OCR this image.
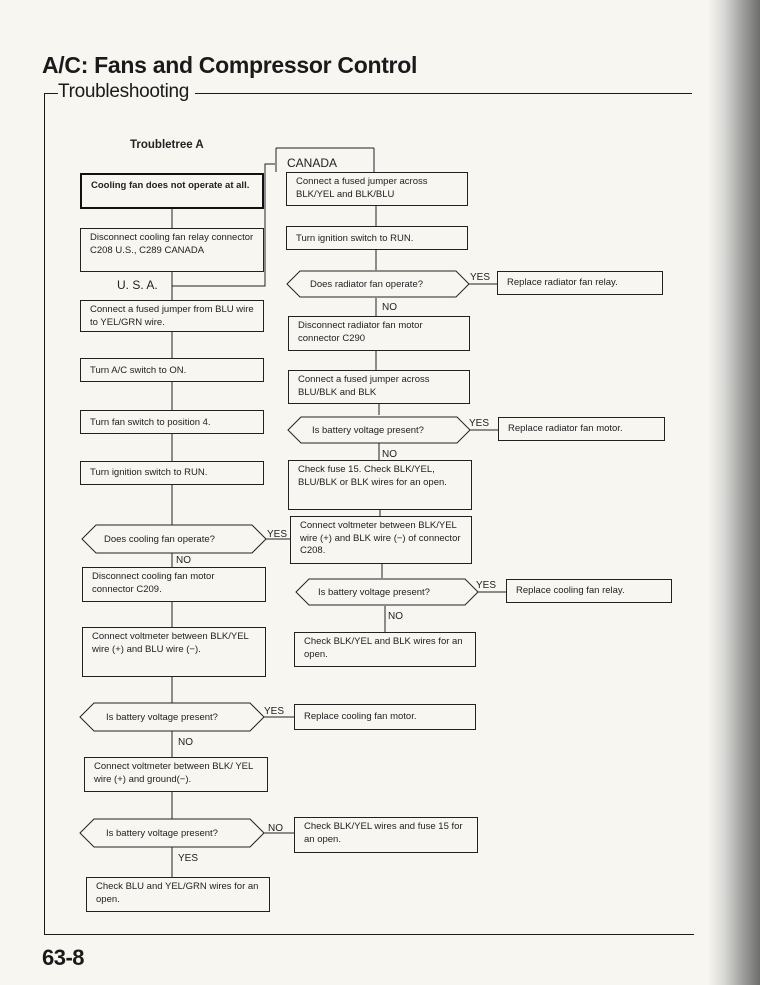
A/C: Fans and Compressor Control
Troubleshooting
Troubletree A
Cooling fan does not operate at all.
Disconnect cooling fan relay connector C208 U.S., C289 CANADA
U. S. A.
Connect a fused jumper from BLU wire to YEL/GRN wire.
Turn A/C switch to ON.
Turn fan switch to position 4.
Turn ignition switch to RUN.
Does cooling fan operate?	YES
NO
Disconnect cooling fan motor connector C209.
Connect voltmeter between BLK/YEL wire (+) and BLU wire (−).
Is battery voltage present?
YES
NO
Replace cooling fan motor.
Connect voltmeter between BLK/ YEL wire (+) and ground(−).
Is battery voltage present?	NO
YES
Check BLK/YEL wires and fuse 15 for an open.
Check BLU and YEL/GRN wires for an open.
CANADA
Connect a fused jumper across BLK/YEL and BLK/BLU
Turn ignition switch to RUN.
Does radiator fan operate?
YES
NO
Replace radiator fan relay.
Disconnect radiator fan motor connector C290
Connect a fused jumper across BLU/BLK and BLK
Is battery voltage present?
YES
NO
Replace radiator fan motor.
Check fuse 15. Check BLK/YEL, BLU/BLK or BLK wires for an open.
Connect voltmeter between BLK/YEL wire (+) and BLK wire (−) of connector C208.
Is battery voltage present?
YES
NO
Replace cooling fan relay.
Check BLK/YEL and BLK wires for an open.
63-8
